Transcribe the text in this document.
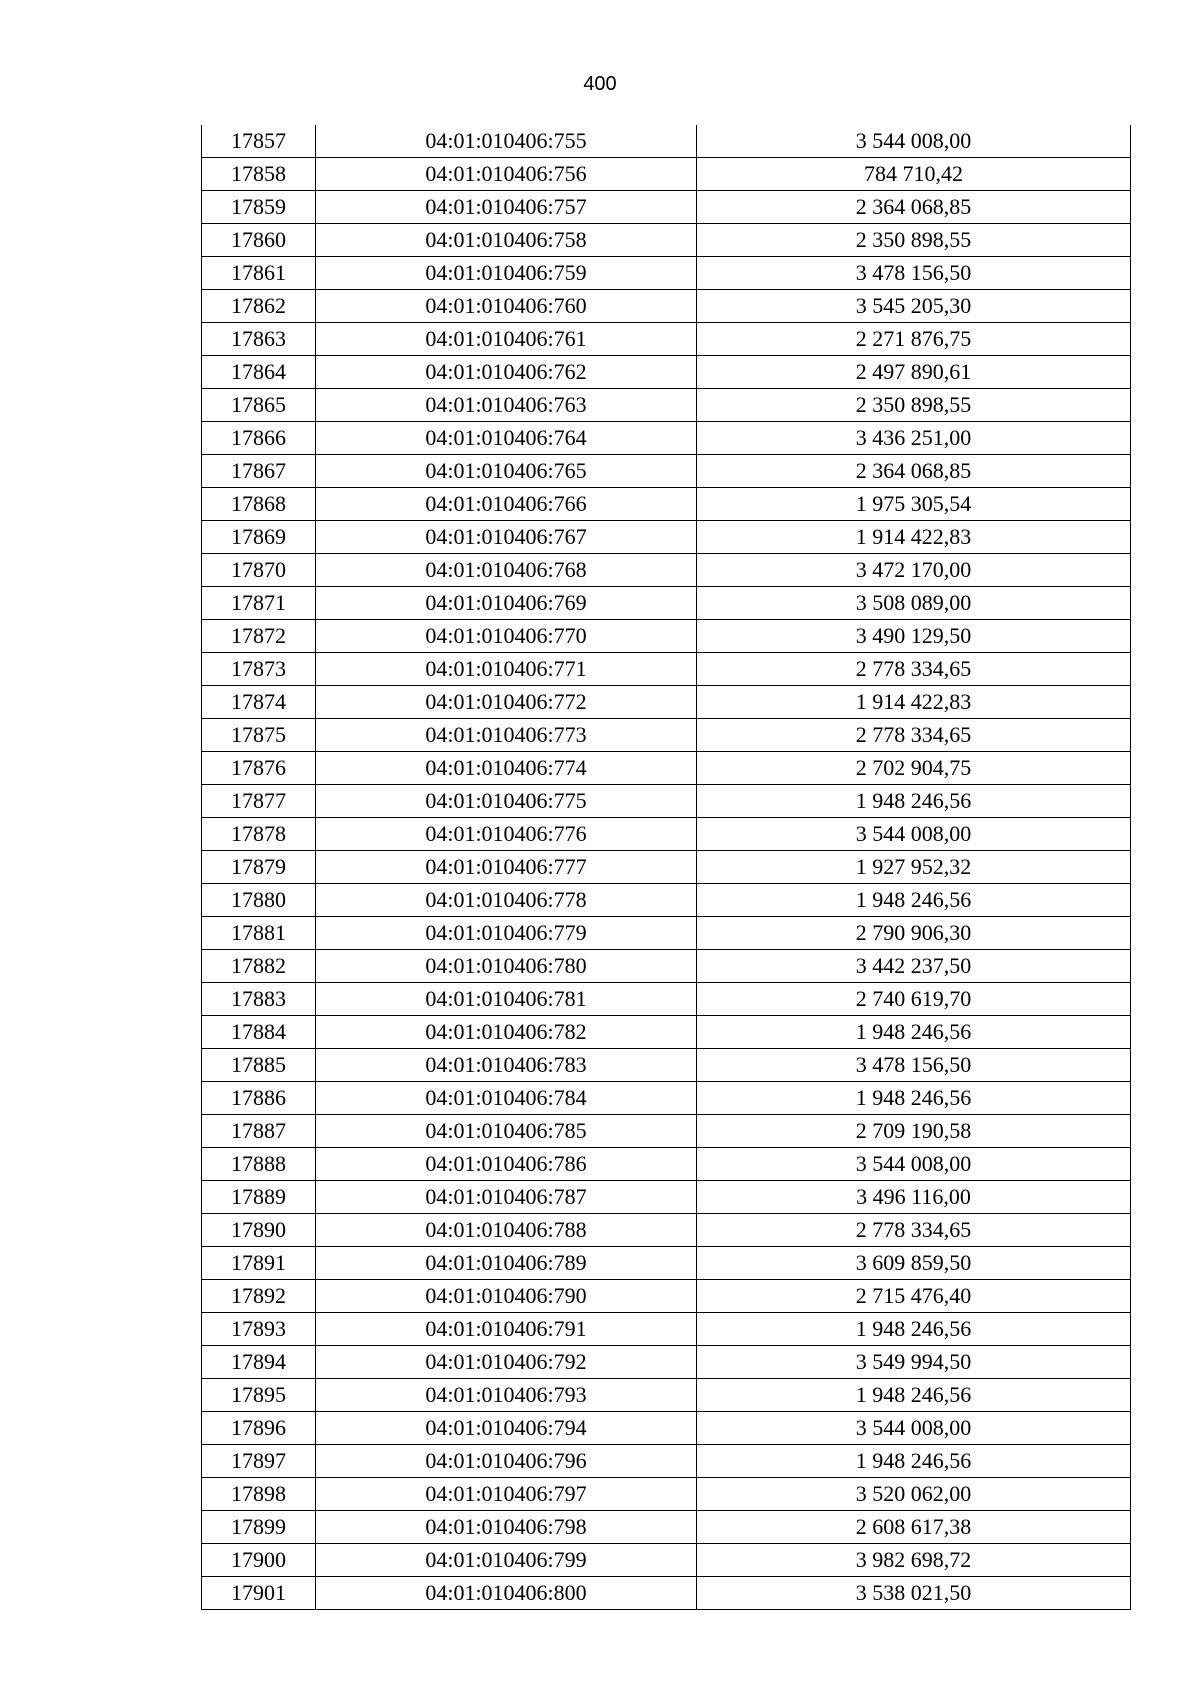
400
17857	04:01:010406:755	3 544 008,00
17858	04:01:010406:756	784 710,42
17859	04:01:010406:757	2 364 068,85
17860	04:01:010406:758	2 350 898,55
17861	04:01:010406:759	3 478 156,50
17862	04:01:010406:760	3 545 205,30
17863	04:01:010406:761	2 271 876,75
17864	04:01:010406:762	2 497 890,61
17865	04:01:010406:763	2 350 898,55
17866	04:01:010406:764	3 436 251,00
17867	04:01:010406:765	2 364 068,85
17868	04:01:010406:766	1 975 305,54
17869	04:01:010406:767	1 914 422,83
17870	04:01:010406:768	3 472 170,00
17871	04:01:010406:769	3 508 089,00
17872	04:01:010406:770	3 490 129,50
17873	04:01:010406:771	2 778 334,65
17874	04:01:010406:772	1 914 422,83
17875	04:01:010406:773	2 778 334,65
17876	04:01:010406:774	2 702 904,75
17877	04:01:010406:775	1 948 246,56
17878	04:01:010406:776	3 544 008,00
17879	04:01:010406:777	1 927 952,32
17880	04:01:010406:778	1 948 246,56
17881	04:01:010406:779	2 790 906,30
17882	04:01:010406:780	3 442 237,50
17883	04:01:010406:781	2 740 619,70
17884	04:01:010406:782	1 948 246,56
17885	04:01:010406:783	3 478 156,50
17886	04:01:010406:784	1 948 246,56
17887	04:01:010406:785	2 709 190,58
17888	04:01:010406:786	3 544 008,00
17889	04:01:010406:787	3 496 116,00
17890	04:01:010406:788	2 778 334,65
17891	04:01:010406:789	3 609 859,50
17892	04:01:010406:790	2 715 476,40
17893	04:01:010406:791	1 948 246,56
17894	04:01:010406:792	3 549 994,50
17895	04:01:010406:793	1 948 246,56
17896	04:01:010406:794	3 544 008,00
17897	04:01:010406:796	1 948 246,56
17898	04:01:010406:797	3 520 062,00
17899	04:01:010406:798	2 608 617,38
17900	04:01:010406:799	3 982 698,72
17901	04:01:010406:800	3 538 021,50
